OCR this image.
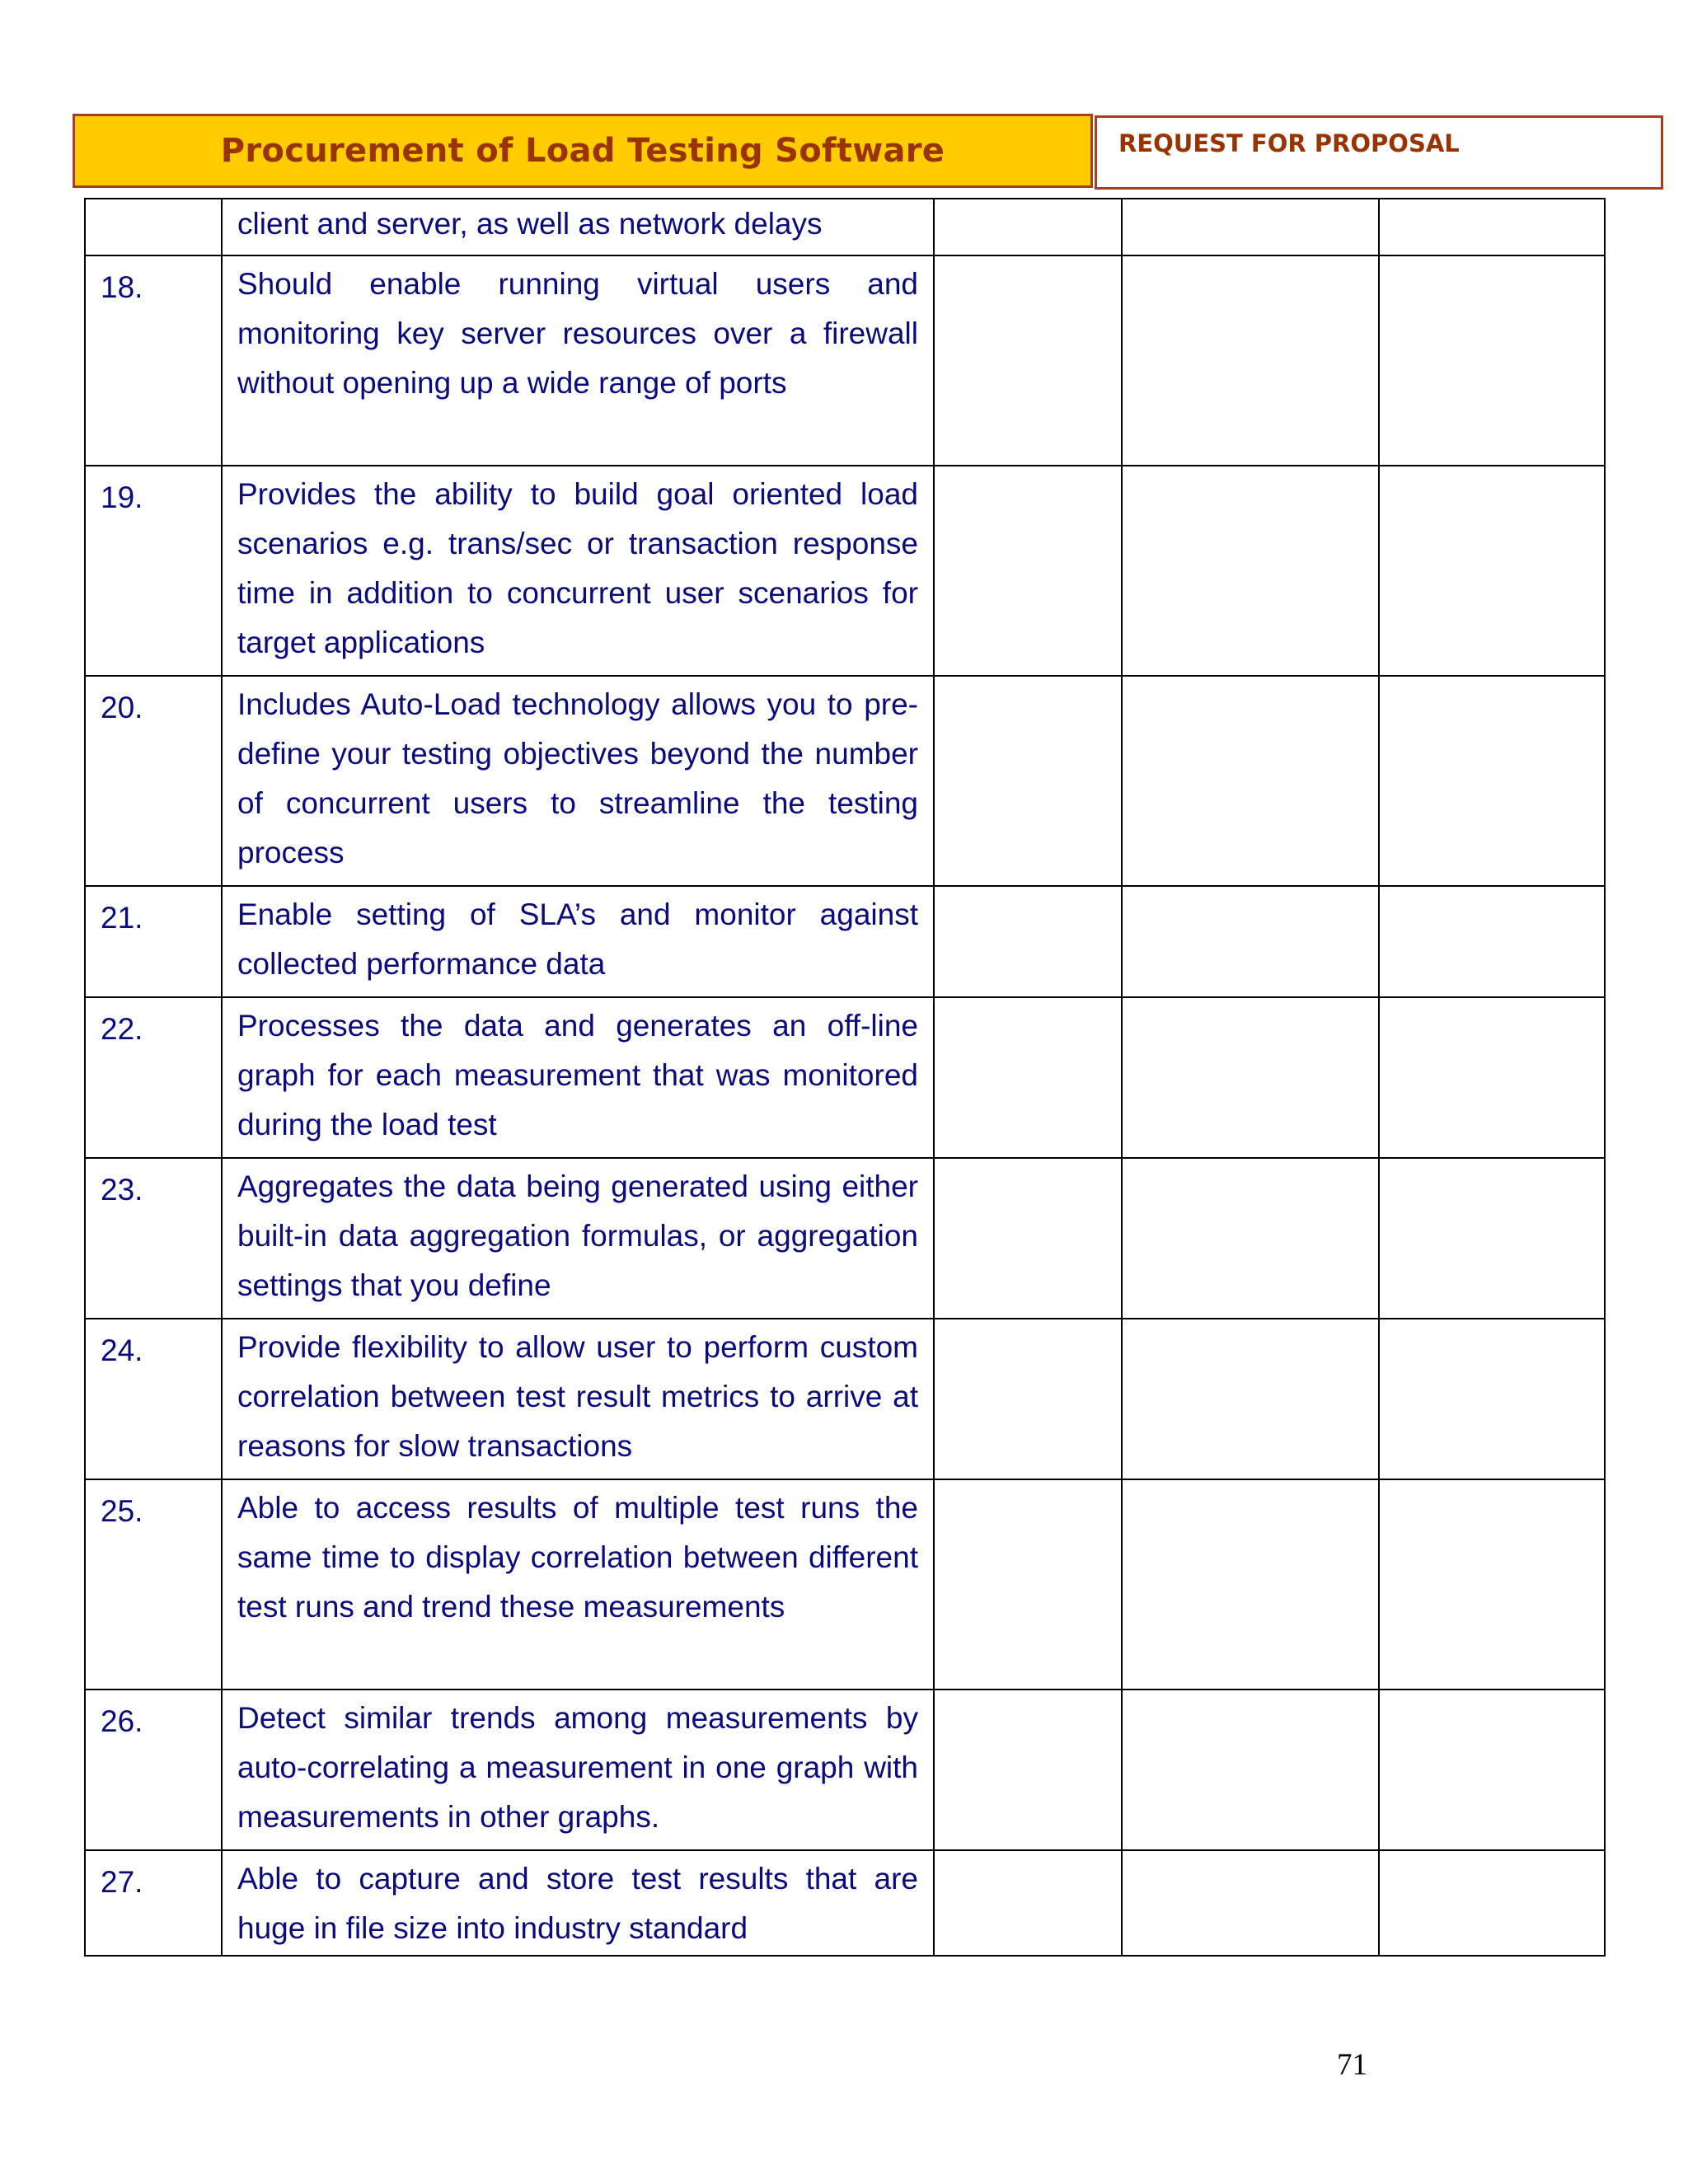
Procurement of Load Testing Software	REQUEST FOR PROPOSAL
	client and server, as well as network delays			
18.	Should enable running virtual users and monitoring key server resources over a firewall without opening up a wide range of ports			
19.	Provides the ability to build goal oriented load scenarios e.g. trans/sec or transaction response time in addition to concurrent user scenarios for target applications			
20.	Includes Auto-Load technology allows you to pre-define your testing objectives beyond the number of concurrent users to streamline the testing process			
21.	Enable setting of SLA’s and monitor against collected performance data			
22.	Processes the data and generates an off-line graph for each measurement that was monitored during the load test			
23.	Aggregates the data being generated using either built-in data aggregation formulas, or aggregation settings that you define			
24.	Provide flexibility to allow user to perform custom correlation between test result metrics to arrive at reasons for slow transactions			
25.	Able to access results of multiple test runs the same time to display correlation between different test runs and trend these measurements			
26.	Detect similar trends among measurements by auto-correlating a measurement in one graph with measurements in other graphs.			
27.	Able to capture and store test results that are huge in file size into industry standard			
71
